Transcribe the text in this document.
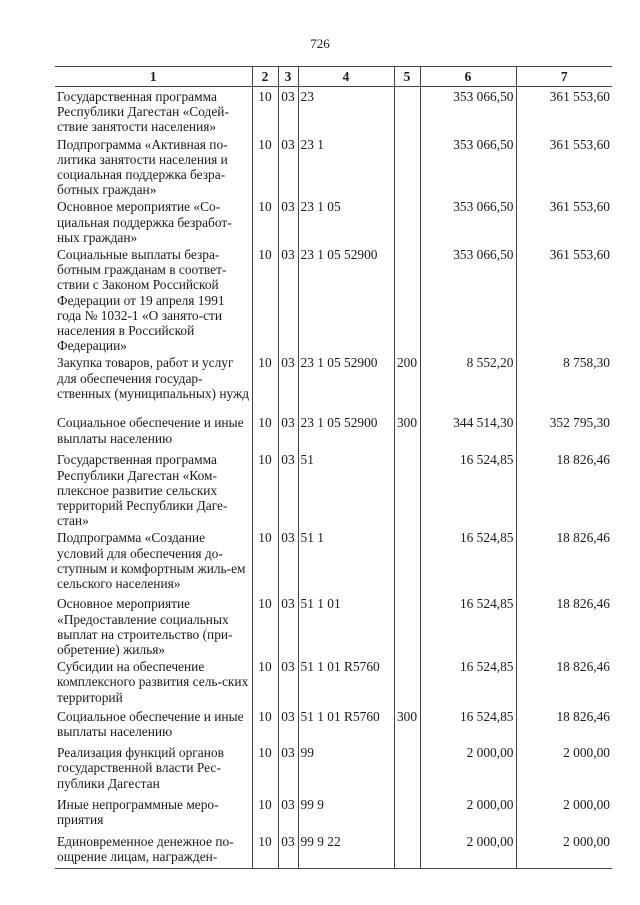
726
1	2	3	4	5	6	7
Государственная программа Республики Дагестан «Содей-ствие занятости населения»	10	03	23		353 066,50	361 553,60
Подпрограмма «Активная по-литика занятости населения и социальная поддержка безра-ботных граждан»	10	03	23 1		353 066,50	361 553,60
Основное мероприятие «Со-циальная поддержка безработ-ных граждан»	10	03	23 1 05		353 066,50	361 553,60
Социальные выплаты безра-ботным гражданам в соответ-ствии с Законом Российской Федерации от 19 апреля 1991 года № 1032-1 «О занято-сти населения в Российской Федерации»	10	03	23 1 05 52900		353 066,50	361 553,60
Закупка товаров, работ и услуг для обеспечения государ-ственных (муниципальных) нужд	10	03	23 1 05 52900	200	8 552,20	8 758,30
Социальное обеспечение и иные выплаты населению	10	03	23 1 05 52900	300	344 514,30	352 795,30
Государственная программа Республики Дагестан «Ком-плексное развитие сельских территорий Республики Даге-стан»	10	03	51		16 524,85	18 826,46
Подпрограмма «Создание условий для обеспечения до-ступным и комфортным жиль-ем сельского населения»	10	03	51 1		16 524,85	18 826,46
Основное мероприятие «Предоставление социальных выплат на строительство (при-обретение) жилья»	10	03	51 1 01		16 524,85	18 826,46
Субсидии на обеспечение комплексного развития сель-ских территорий	10	03	51 1 01 R5760		16 524,85	18 826,46
Социальное обеспечение и иные выплаты населению	10	03	51 1 01 R5760	300	16 524,85	18 826,46
Реализация функций органов государственной власти Рес-публики Дагестан	10	03	99		2 000,00	2 000,00
Иные непрограммные меро-приятия	10	03	99 9		2 000,00	2 000,00
Единовременное денежное по-ощрение лицам, награжден-	10	03	99 9 22		2 000,00	2 000,00
